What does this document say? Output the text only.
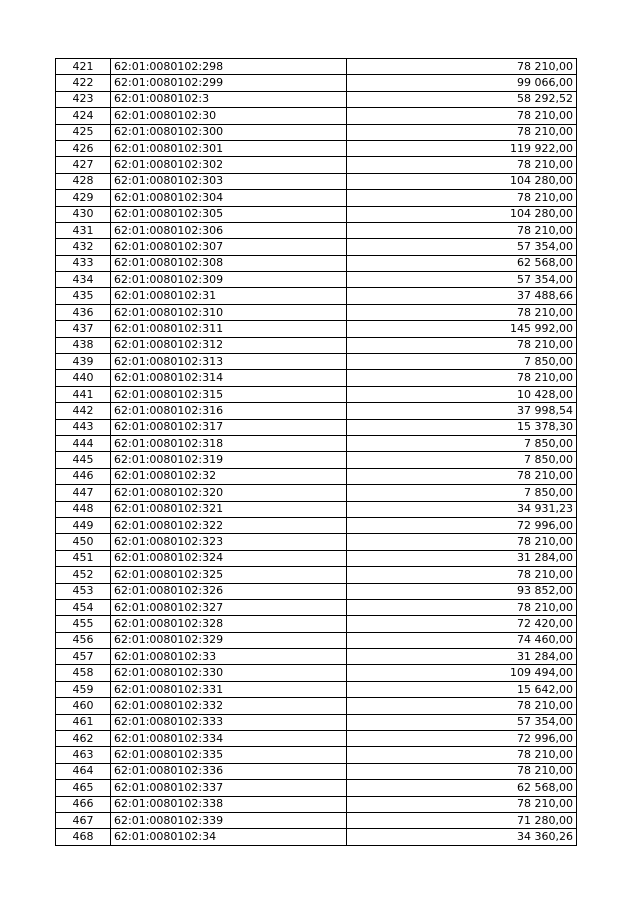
421	62:01:0080102:298	78 210,00
422	62:01:0080102:299	99 066,00
423	62:01:0080102:3	58 292,52
424	62:01:0080102:30	78 210,00
425	62:01:0080102:300	78 210,00
426	62:01:0080102:301	119 922,00
427	62:01:0080102:302	78 210,00
428	62:01:0080102:303	104 280,00
429	62:01:0080102:304	78 210,00
430	62:01:0080102:305	104 280,00
431	62:01:0080102:306	78 210,00
432	62:01:0080102:307	57 354,00
433	62:01:0080102:308	62 568,00
434	62:01:0080102:309	57 354,00
435	62:01:0080102:31	37 488,66
436	62:01:0080102:310	78 210,00
437	62:01:0080102:311	145 992,00
438	62:01:0080102:312	78 210,00
439	62:01:0080102:313	7 850,00
440	62:01:0080102:314	78 210,00
441	62:01:0080102:315	10 428,00
442	62:01:0080102:316	37 998,54
443	62:01:0080102:317	15 378,30
444	62:01:0080102:318	7 850,00
445	62:01:0080102:319	7 850,00
446	62:01:0080102:32	78 210,00
447	62:01:0080102:320	7 850,00
448	62:01:0080102:321	34 931,23
449	62:01:0080102:322	72 996,00
450	62:01:0080102:323	78 210,00
451	62:01:0080102:324	31 284,00
452	62:01:0080102:325	78 210,00
453	62:01:0080102:326	93 852,00
454	62:01:0080102:327	78 210,00
455	62:01:0080102:328	72 420,00
456	62:01:0080102:329	74 460,00
457	62:01:0080102:33	31 284,00
458	62:01:0080102:330	109 494,00
459	62:01:0080102:331	15 642,00
460	62:01:0080102:332	78 210,00
461	62:01:0080102:333	57 354,00
462	62:01:0080102:334	72 996,00
463	62:01:0080102:335	78 210,00
464	62:01:0080102:336	78 210,00
465	62:01:0080102:337	62 568,00
466	62:01:0080102:338	78 210,00
467	62:01:0080102:339	71 280,00
468	62:01:0080102:34	34 360,26
